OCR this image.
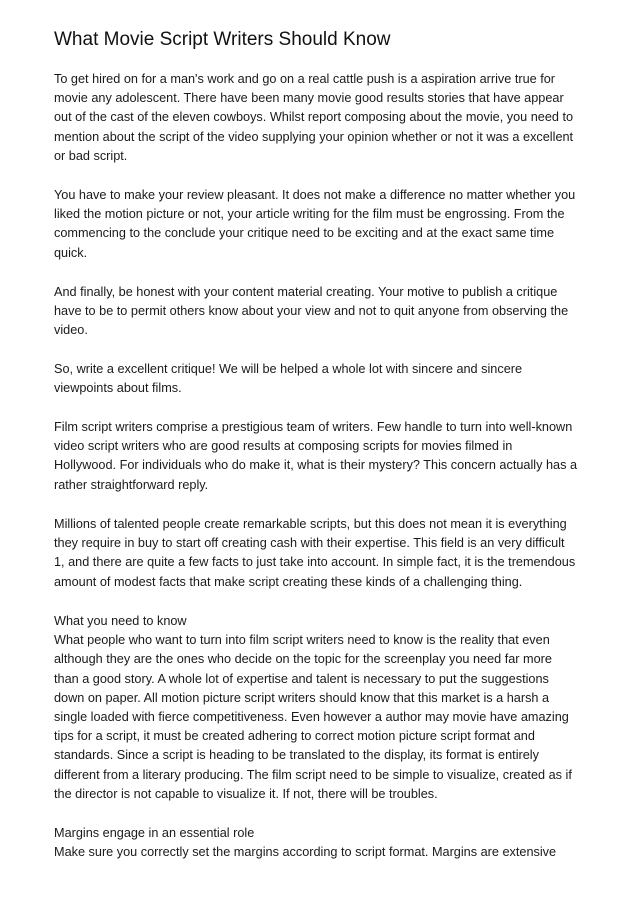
What Movie Script Writers Should Know

To get hired on for a man's work and go on a real cattle push is a aspiration arrive true for
movie any adolescent. There have been many movie good results stories that have appear
out of the cast of the eleven cowboys. Whilst report composing about the movie, you need to
mention about the script of the video supplying your opinion whether or not it was a excellent
or bad script.

You have to make your review pleasant. It does not make a difference no matter whether you
liked the motion picture or not, your article writing for the film must be engrossing. From the
commencing to the conclude your critique need to be exciting and at the exact same time
quick.

And finally, be honest with your content material creating. Your motive to publish a critique
have to be to permit others know about your view and not to quit anyone from observing the
video.

So, write a excellent critique! We will be helped a whole lot with sincere and sincere
viewpoints about films.

Film script writers comprise a prestigious team of writers. Few handle to turn into well-known
video script writers who are good results at composing scripts for movies filmed in
Hollywood. For individuals who do make it, what is their mystery? This concern actually has a
rather straightforward reply.

Millions of talented people create remarkable scripts, but this does not mean it is everything
they require in buy to start off creating cash with their expertise. This field is an very difficult
1, and there are quite a few facts to just take into account. In simple fact, it is the tremendous
amount of modest facts that make script creating these kinds of a challenging thing.

What you need to know
What people who want to turn into film script writers need to know is the reality that even
although they are the ones who decide on the topic for the screenplay you need far more
than a good story. A whole lot of expertise and talent is necessary to put the suggestions
down on paper. All motion picture script writers should know that this market is a harsh a
single loaded with fierce competitiveness. Even however a author may movie have amazing
tips for a script, it must be created adhering to correct motion picture script format and
standards. Since a script is heading to be translated to the display, its format is entirely
different from a literary producing. The film script need to be simple to visualize, created as if
the director is not capable to visualize it. If not, there will be troubles.

Margins engage in an essential role
Make sure you correctly set the margins according to script format. Margins are extensive
